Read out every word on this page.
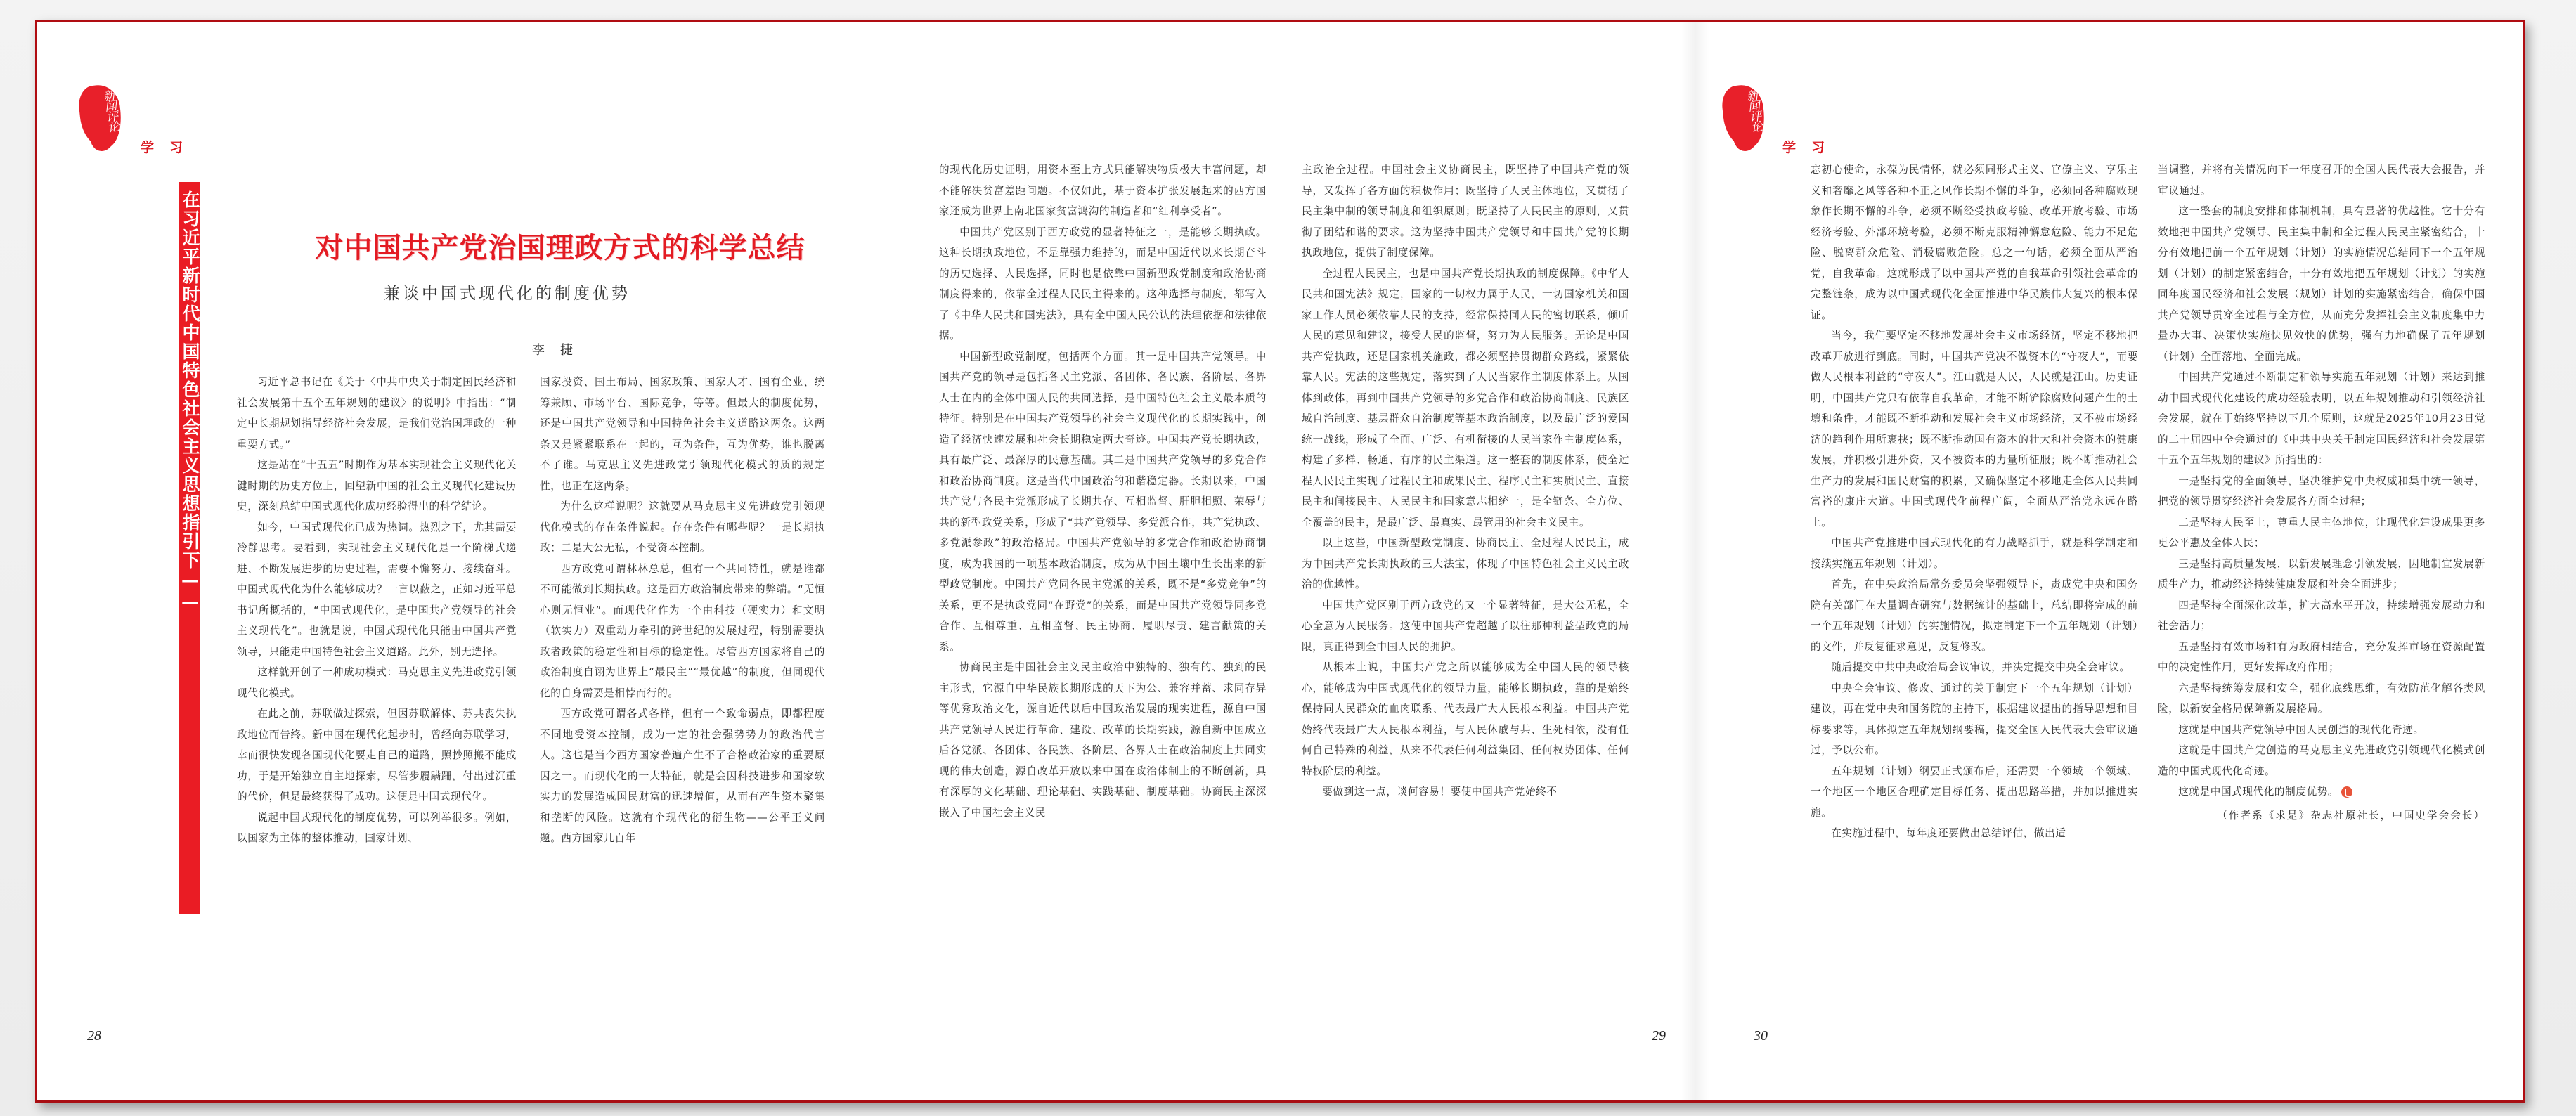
新闻评论
学习
在习近平新时代中国特色社会主义思想指引下——	对中国共产党治国理政方式的科学总结
——兼谈中国式现代化的制度优势
李捷

习近平总书记在《关于〈中共中央关于制定国民经济和社会发展第十五个五年规划的建议〉的说明》中指出：“制定中长期规划指导经济社会发展，是我们党治国理政的一种重要方式。”

这是站在“十五五”时期作为基本实现社会主义现代化关键时期的历史方位上，回望新中国的社会主义现代化建设历史，深刻总结中国式现代化成功经验得出的科学结论。

如今，中国式现代化已成为热词。热烈之下，尤其需要冷静思考。要看到，实现社会主义现代化是一个阶梯式递进、不断发展进步的历史过程，需要不懈努力、接续奋斗。中国式现代化为什么能够成功？一言以蔽之，正如习近平总书记所概括的，“中国式现代化，是中国共产党领导的社会主义现代化”。也就是说，中国式现代化只能由中国共产党领导，只能走中国特色社会主义道路。此外，别无选择。

这样就开创了一种成功模式：马克思主义先进政党引领现代化模式。

在此之前，苏联做过探索，但因苏联解体、苏共丧失执政地位而告终。新中国在现代化起步时，曾经向苏联学习，幸而很快发现各国现代化要走自己的道路，照抄照搬不能成功，于是开始独立自主地探索，尽管步履蹒跚，付出过沉重的代价，但是最终获得了成功。这便是中国式现代化。

说起中国式现代化的制度优势，可以列举很多。例如，以国家为主体的整体推动，国家计划、

国家投资、国土布局、国家政策、国家人才、国有企业、统筹兼顾、市场平台、国际竞争，等等。但最大的制度优势，还是中国共产党领导和中国特色社会主义道路这两条。这两条又是紧紧联系在一起的，互为条件，互为优势，谁也脱离不了谁。马克思主义先进政党引领现代化模式的质的规定性，也正在这两条。

为什么这样说呢？这就要从马克思主义先进政党引领现代化模式的存在条件说起。存在条件有哪些呢？一是长期执政；二是大公无私，不受资本控制。

西方政党可谓林林总总，但有一个共同特性，就是谁都不可能做到长期执政。这是西方政治制度带来的弊端。“无恒心则无恒业”。而现代化作为一个由科技（硬实力）和文明（软实力）双重动力牵引的跨世纪的发展过程，特别需要执政者政策的稳定性和目标的稳定性。尽管西方国家将自己的政治制度自诩为世界上“最民主”“最优越”的制度，但同现代化的自身需要是相悖而行的。

西方政党可谓各式各样，但有一个致命弱点，即都程度不同地受资本控制，成为一定的社会强势势力的政治代言人。这也是当今西方国家普遍产生不了合格政治家的重要原因之一。而现代化的一大特征，就是会因科技进步和国家软实力的发展造成国民财富的迅速增值，从而有产生资本聚集和垄断的风险。这就有个现代化的衍生物——公平正义问题。西方国家几百年

的现代化历史证明，用资本至上方式只能解决物质极大丰富问题，却不能解决贫富差距问题。不仅如此，基于资本扩张发展起来的西方国家还成为世界上南北国家贫富鸿沟的制造者和“红利享受者”。

中国共产党区别于西方政党的显著特征之一，是能够长期执政。这种长期执政地位，不是靠强力维持的，而是中国近代以来长期奋斗的历史选择、人民选择，同时也是依靠中国新型政党制度和政治协商制度得来的，依靠全过程人民民主得来的。这种选择与制度，都写入了《中华人民共和国宪法》，具有全中国人民公认的法理依据和法律依据。

中国新型政党制度，包括两个方面。其一是中国共产党领导。中国共产党的领导是包括各民主党派、各团体、各民族、各阶层、各界人士在内的全体中国人民的共同选择，是中国特色社会主义最本质的特征。特别是在中国共产党领导的社会主义现代化的长期实践中，创造了经济快速发展和社会长期稳定两大奇迹。中国共产党长期执政，具有最广泛、最深厚的民意基础。其二是中国共产党领导的多党合作和政治协商制度。这是当代中国政治的和谐稳定器。长期以来，中国共产党与各民主党派形成了长期共存、互相监督、肝胆相照、荣辱与共的新型政党关系，形成了“共产党领导、多党派合作，共产党执政、多党派参政”的政治格局。中国共产党领导的多党合作和政治协商制度，成为我国的一项基本政治制度，成为从中国土壤中生长出来的新型政党制度。中国共产党同各民主党派的关系，既不是“多党竞争”的关系，更不是执政党同“在野党”的关系，而是中国共产党领导同多党合作、互相尊重、互相监督、民主协商、履职尽责、建言献策的关系。

协商民主是中国社会主义民主政治中独特的、独有的、独到的民主形式，它源自中华民族长期形成的天下为公、兼容并蓄、求同存异等优秀政治文化，源自近代以后中国政治发展的现实进程，源自中国共产党领导人民进行革命、建设、改革的长期实践，源自新中国成立后各党派、各团体、各民族、各阶层、各界人士在政治制度上共同实现的伟大创造，源自改革开放以来中国在政治体制上的不断创新，具有深厚的文化基础、理论基础、实践基础、制度基础。协商民主深深嵌入了中国社会主义民

主政治全过程。中国社会主义协商民主，既坚持了中国共产党的领导，又发挥了各方面的积极作用；既坚持了人民主体地位，又贯彻了民主集中制的领导制度和组织原则；既坚持了人民民主的原则，又贯彻了团结和谐的要求。这为坚持中国共产党领导和中国共产党的长期执政地位，提供了制度保障。

全过程人民民主，也是中国共产党长期执政的制度保障。《中华人民共和国宪法》规定，国家的一切权力属于人民，一切国家机关和国家工作人员必须依靠人民的支持，经常保持同人民的密切联系，倾听人民的意见和建议，接受人民的监督，努力为人民服务。无论是中国共产党执政，还是国家机关施政，都必须坚持贯彻群众路线，紧紧依靠人民。宪法的这些规定，落实到了人民当家作主制度体系上。从国体到政体，再到中国共产党领导的多党合作和政治协商制度、民族区域自治制度、基层群众自治制度等基本政治制度，以及最广泛的爱国统一战线，形成了全面、广泛、有机衔接的人民当家作主制度体系，构建了多样、畅通、有序的民主渠道。这一整套的制度体系，使全过程人民民主实现了过程民主和成果民主、程序民主和实质民主、直接民主和间接民主、人民民主和国家意志相统一，是全链条、全方位、全覆盖的民主，是最广泛、最真实、最管用的社会主义民主。

以上这些，中国新型政党制度、协商民主、全过程人民民主，成为中国共产党长期执政的三大法宝，体现了中国特色社会主义民主政治的优越性。

中国共产党区别于西方政党的又一个显著特征，是大公无私，全心全意为人民服务。这使中国共产党超越了以往那种利益型政党的局限，真正得到全中国人民的拥护。

从根本上说，中国共产党之所以能够成为全中国人民的领导核心，能够成为中国式现代化的领导力量，能够长期执政，靠的是始终保持同人民群众的血肉联系、代表最广大人民根本利益。中国共产党始终代表最广大人民根本利益，与人民休戚与共、生死相依，没有任何自己特殊的利益，从来不代表任何利益集团、任何权势团体、任何特权阶层的利益。

要做到这一点，谈何容易！要使中国共产党始终不

新闻评论
学习

忘初心使命，永葆为民情怀，就必须同形式主义、官僚主义、享乐主义和奢靡之风等各种不正之风作长期不懈的斗争，必须同各种腐败现象作长期不懈的斗争，必须不断经受执政考验、改革开放考验、市场经济考验、外部环境考验，必须不断克服精神懈怠危险、能力不足危险、脱离群众危险、消极腐败危险。总之一句话，必须全面从严治党，自我革命。这就形成了以中国共产党的自我革命引领社会革命的完整链条，成为以中国式现代化全面推进中华民族伟大复兴的根本保证。

当今，我们要坚定不移地发展社会主义市场经济，坚定不移地把改革开放进行到底。同时，中国共产党决不做资本的“守夜人”，而要做人民根本利益的“守夜人”。江山就是人民，人民就是江山。历史证明，中国共产党只有依靠自我革命，才能不断铲除腐败问题产生的土壤和条件，才能既不断推动和发展社会主义市场经济，又不被市场经济的趋利作用所裹挟；既不断推动国有资本的壮大和社会资本的健康发展，并积极引进外资，又不被资本的力量所征服；既不断推动社会生产力的发展和国民财富的积累，又确保坚定不移地走全体人民共同富裕的康庄大道。中国式现代化前程广阔，全面从严治党永远在路上。

中国共产党推进中国式现代化的有力战略抓手，就是科学制定和接续实施五年规划（计划）。

首先，在中央政治局常务委员会坚强领导下，责成党中央和国务院有关部门在大量调查研究与数据统计的基础上，总结即将完成的前一个五年规划（计划）的实施情况，拟定制定下一个五年规划（计划）的文件，并反复征求意见，反复修改。

随后提交中共中央政治局会议审议，并决定提交中央全会审议。

中央全会审议、修改、通过的关于制定下一个五年规划（计划）建议，再在党中央和国务院的主持下，根据建议提出的指导思想和目标要求等，具体拟定五年规划纲要稿，提交全国人民代表大会审议通过，予以公布。

五年规划（计划）纲要正式颁布后，还需要一个领域一个领域、一个地区一个地区合理确定目标任务、提出思路举措，并加以推进实施。

在实施过程中，每年度还要做出总结评估，做出适

当调整，并将有关情况向下一年度召开的全国人民代表大会报告，并审议通过。

这一整套的制度安排和体制机制，具有显著的优越性。它十分有效地把中国共产党领导、民主集中制和全过程人民民主紧密结合，十分有效地把前一个五年规划（计划）的实施情况总结同下一个五年规划（计划）的制定紧密结合，十分有效地把五年规划（计划）的实施同年度国民经济和社会发展（规划）计划的实施紧密结合，确保中国共产党领导贯穿全过程与全方位，从而充分发挥社会主义制度集中力量办大事、决策快实施快见效快的优势，强有力地确保了五年规划（计划）全面落地、全面完成。

中国共产党通过不断制定和领导实施五年规划（计划）来达到推动中国式现代化建设的成功经验表明，以五年规划推动和引领经济社会发展，就在于始终坚持以下几个原则，这就是2025年10月23日党的二十届四中全会通过的《中共中央关于制定国民经济和社会发展第十五个五年规划的建议》所指出的：

一是坚持党的全面领导，坚决维护党中央权威和集中统一领导，把党的领导贯穿经济社会发展各方面全过程；

二是坚持人民至上，尊重人民主体地位，让现代化建设成果更多更公平惠及全体人民；

三是坚持高质量发展，以新发展理念引领发展，因地制宜发展新质生产力，推动经济持续健康发展和社会全面进步；

四是坚持全面深化改革，扩大高水平开放，持续增强发展动力和社会活力；

五是坚持有效市场和有为政府相结合，充分发挥市场在资源配置中的决定性作用，更好发挥政府作用；

六是坚持统筹发展和安全，强化底线思维，有效防范化解各类风险，以新安全格局保障新发展格局。

这就是中国共产党领导中国人民创造的现代化奇迹。

这就是中国共产党创造的马克思主义先进政党引领现代化模式创造的中国式现代化奇迹。

这就是中国式现代化的制度优势。

（作者系《求是》杂志社原社长，中国史学会会长）

28	29	30
